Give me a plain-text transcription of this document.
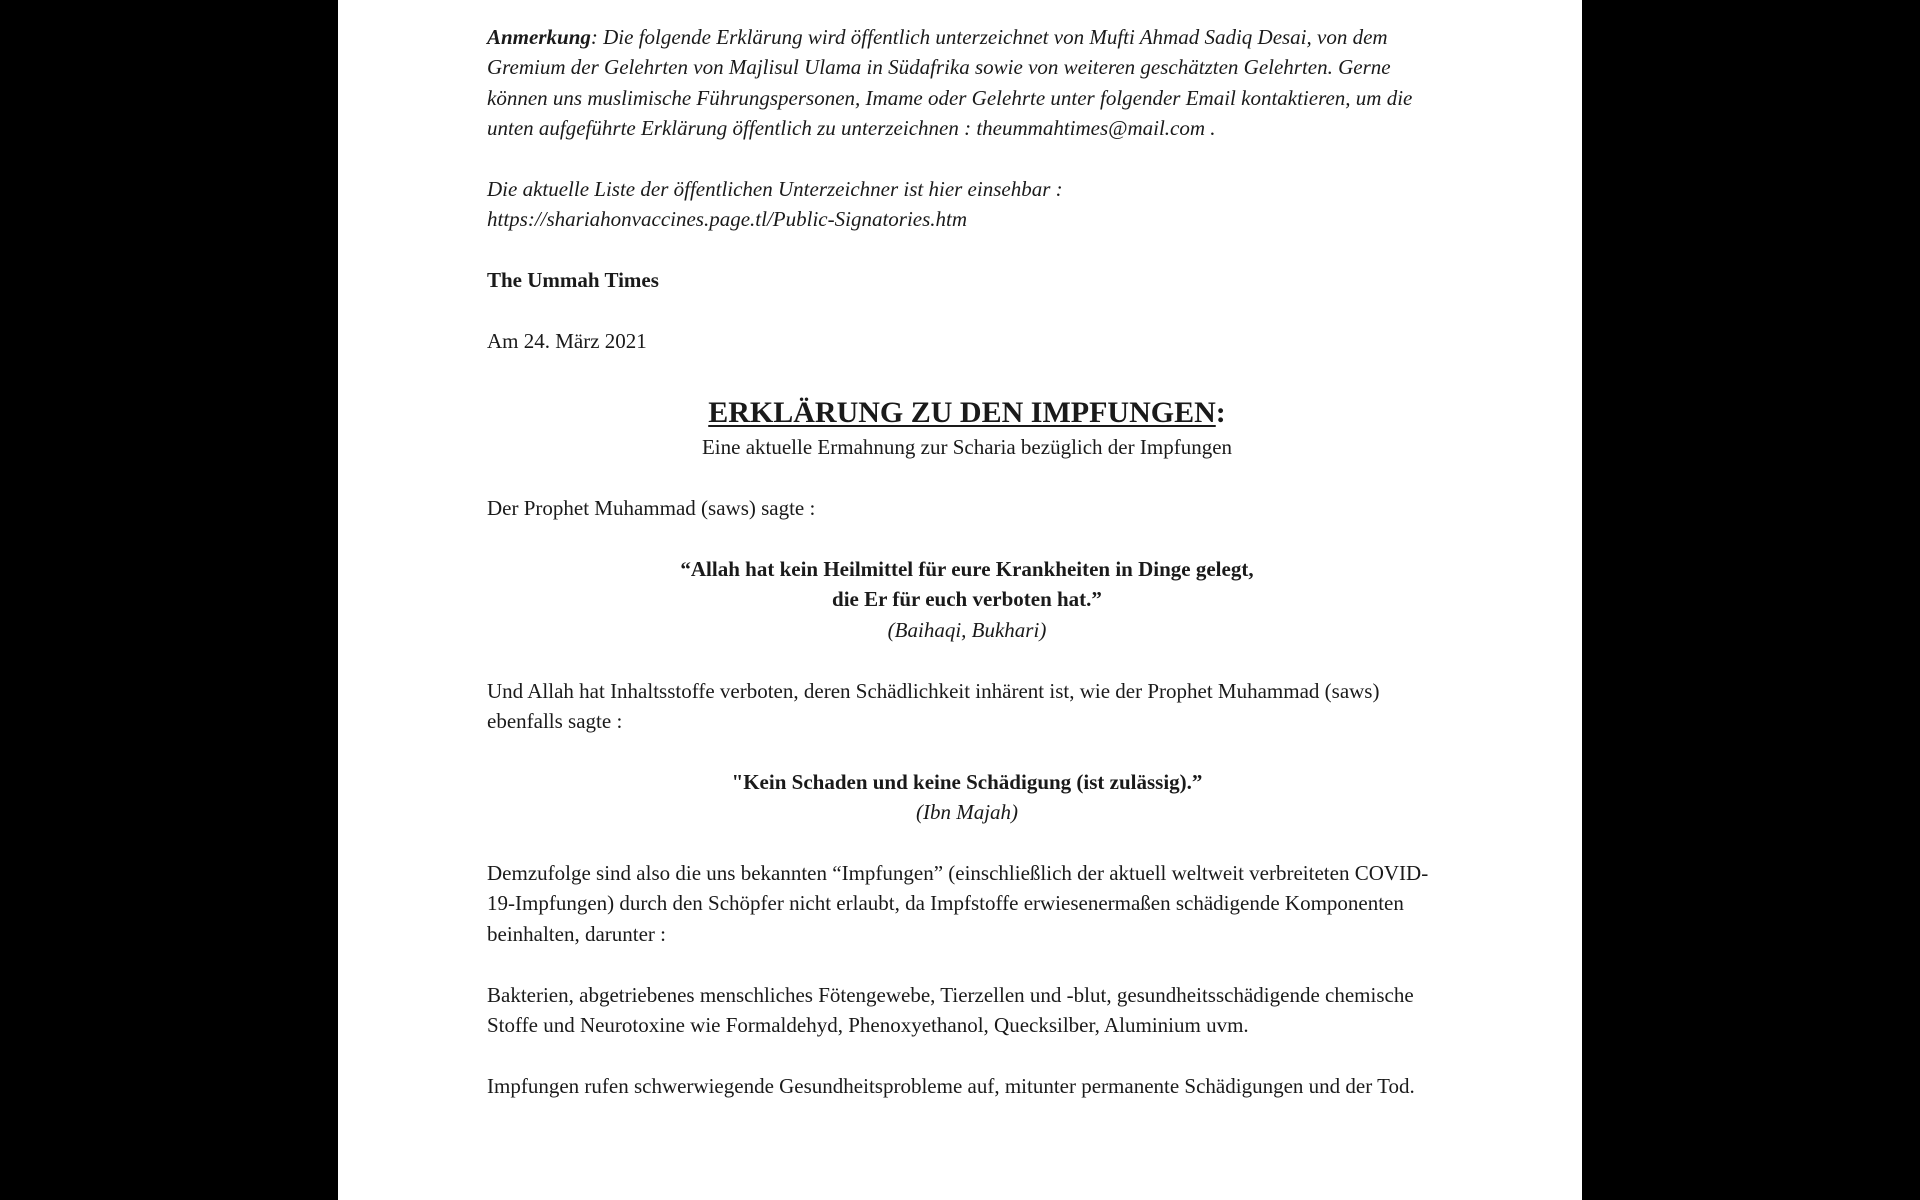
Anmerkung: Die folgende Erklärung wird öffentlich unterzeichnet von Mufti Ahmad Sadiq Desai, von dem Gremium der Gelehrten von Majlisul Ulama in Südafrika sowie von weiteren geschätzten Gelehrten. Gerne können uns muslimische Führungspersonen, Imame oder Gelehrte unter folgender Email kontaktieren, um die unten aufgeführte Erklärung öffentlich zu unterzeichnen : theummahtimes@mail.com .

Die aktuelle Liste der öffentlichen Unterzeichner ist hier einsehbar :
https://shariahonvaccines.page.tl/Public-Signatories.htm

The Ummah Times

Am 24. März 2021

ERKLÄRUNG ZU DEN IMPFUNGEN:

Eine aktuelle Ermahnung zur Scharia bezüglich der Impfungen

Der Prophet Muhammad (saws) sagte :

“Allah hat kein Heilmittel für eure Krankheiten in Dinge gelegt,
die Er für euch verboten hat.”
(Baihaqi, Bukhari)

Und Allah hat Inhaltsstoffe verboten, deren Schädlichkeit inhärent ist, wie der Prophet Muhammad (saws) ebenfalls sagte :

"Kein Schaden und keine Schädigung (ist zulässig).”
(Ibn Majah)

Demzufolge sind also die uns bekannten “Impfungen” (einschließlich der aktuell weltweit verbreiteten COVID-19-Impfungen) durch den Schöpfer nicht erlaubt, da Impfstoffe erwiesenermaßen schädigende Komponenten beinhalten, darunter :

Bakterien, abgetriebenes menschliches Fötengewebe, Tierzellen und -blut, gesundheitsschädigende chemische Stoffe und Neurotoxine wie Formaldehyd, Phenoxyethanol, Quecksilber, Aluminium uvm.

Impfungen rufen schwerwiegende Gesundheitsprobleme auf, mitunter permanente Schädigungen und der Tod.
